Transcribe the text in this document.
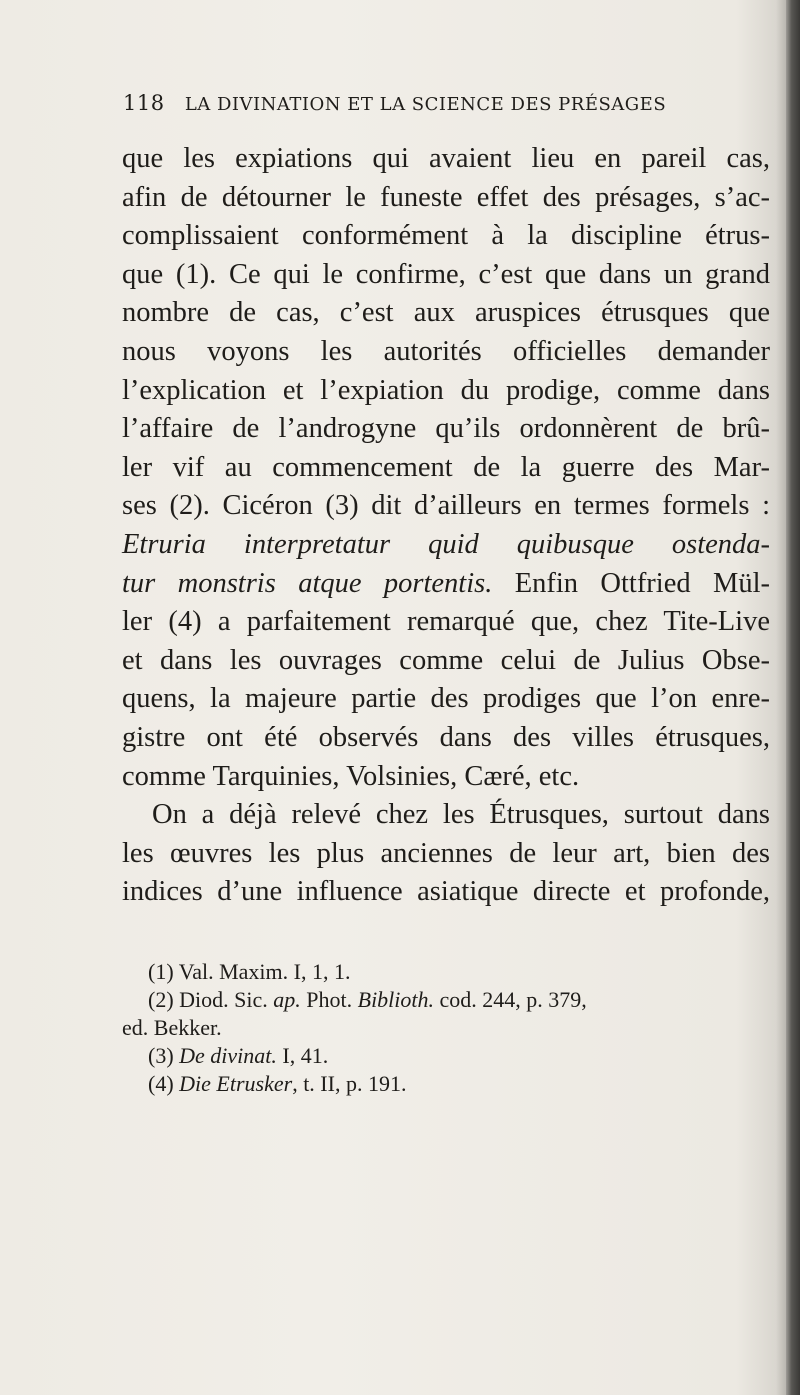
118 LA DIVINATION ET LA SCIENCE DES PRÉSAGES
que les expiations qui avaient lieu en pareil cas,
afin de détourner le funeste effet des présages, s’ac-
complissaient conformément à la discipline étrus-
que (1). Ce qui le confirme, c’est que dans un grand
nombre de cas, c’est aux aruspices étrusques que
nous voyons les autorités officielles demander
l’explication et l’expiation du prodige, comme dans
l’affaire de l’androgyne qu’ils ordonnèrent de brû-
ler vif au commencement de la guerre des Mar-
ses (2). Cicéron (3) dit d’ailleurs en termes formels :
Etruria interpretatur quid quibusque ostenda-
tur monstris atque portentis. Enfin Ottfried Mül-
ler (4) a parfaitement remarqué que, chez Tite-Live
et dans les ouvrages comme celui de Julius Obse-
quens, la majeure partie des prodiges que l’on enre-
gistre ont été observés dans des villes étrusques,
comme Tarquinies, Volsinies, Cæré, etc.
On a déjà relevé chez les Étrusques, surtout dans
les œuvres les plus anciennes de leur art, bien des
indices d’une influence asiatique directe et profonde,
(1) Val. Maxim. I, 1, 1.
(2) Diod. Sic. ap. Phot. Biblioth. cod. 244, p. 379,
ed. Bekker.
(3) De divinat. I, 41.
(4) Die Etrusker, t. II, p. 191.
